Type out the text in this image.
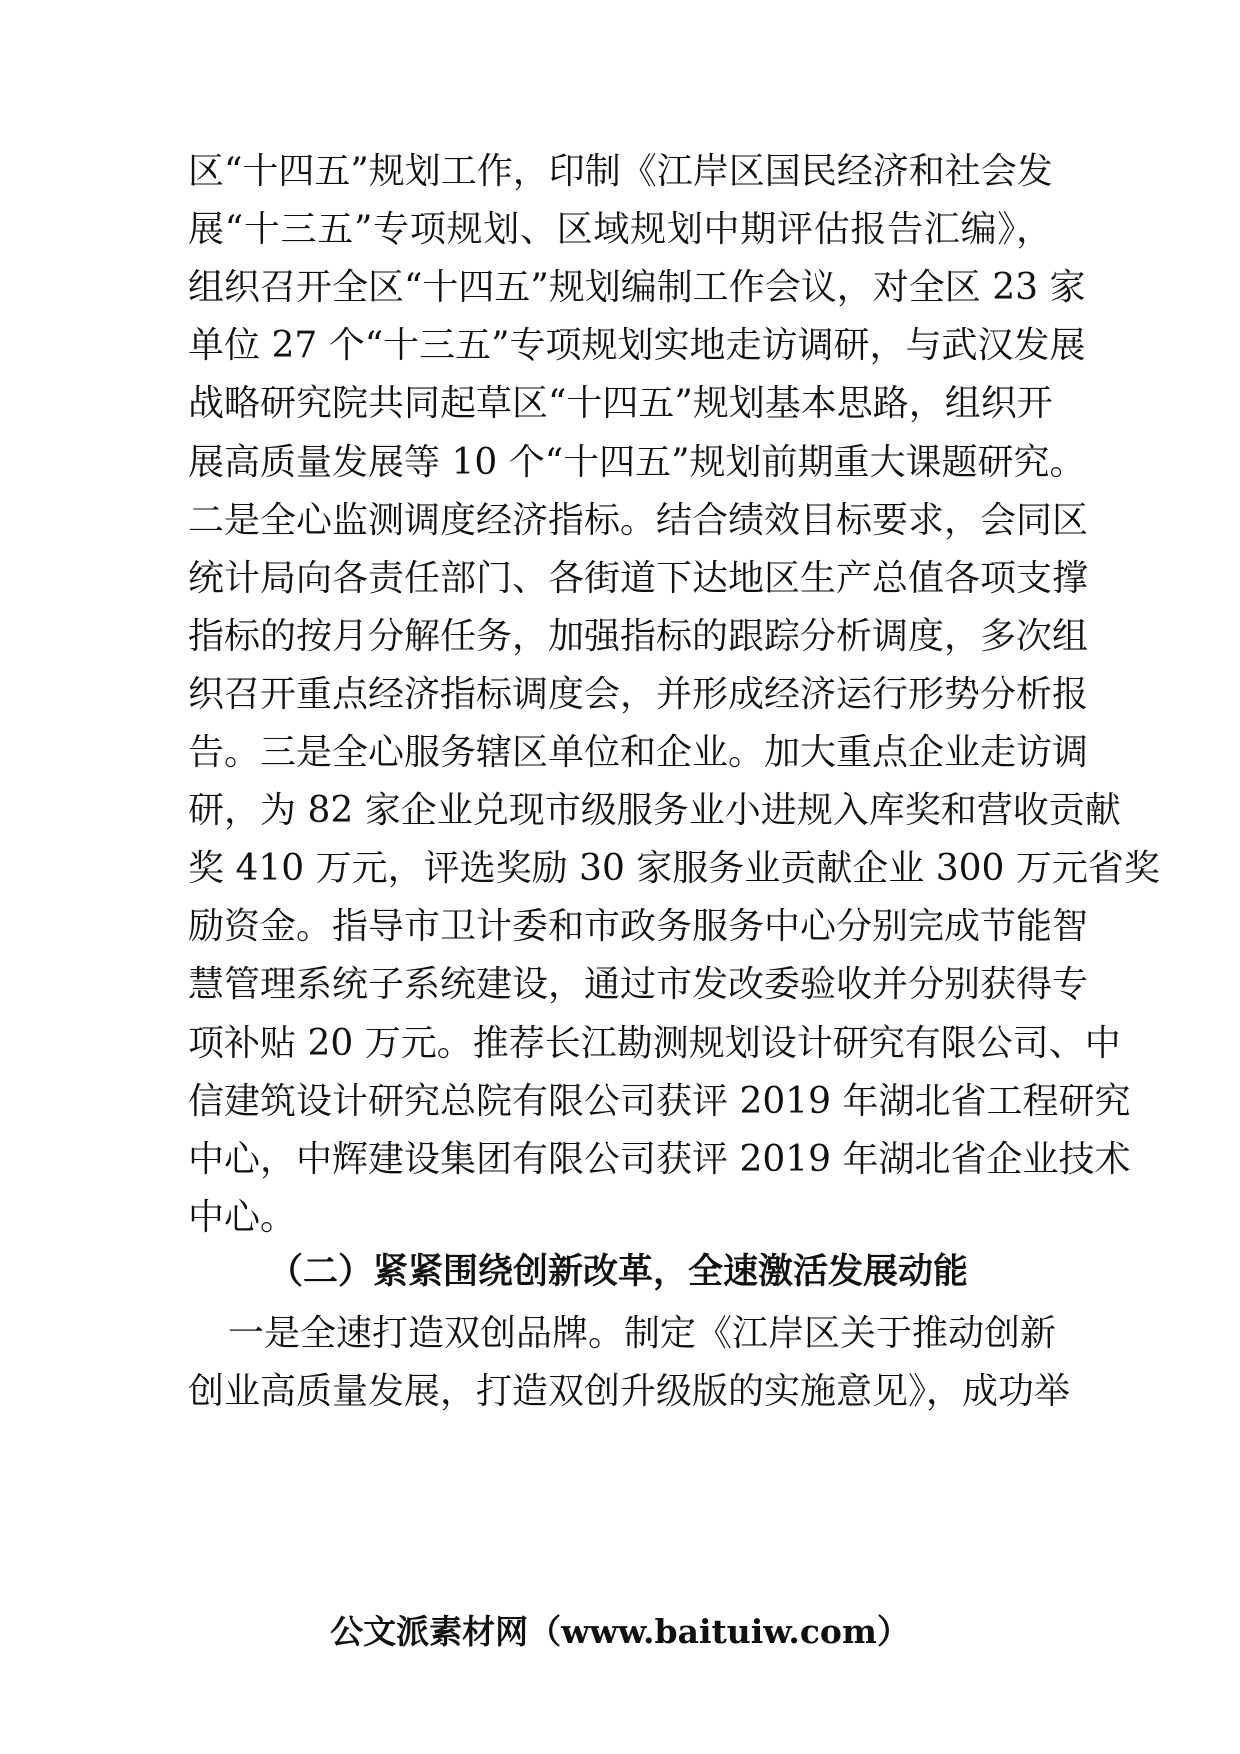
区“十四五”规划工作，印制《江岸区国民经济和社会发
展“十三五”专项规划、区域规划中期评估报告汇编》，
组织召开全区“十四五”规划编制工作会议，对全区 23 家
单位 27 个“十三五”专项规划实地走访调研，与武汉发展
战略研究院共同起草区“十四五”规划基本思路，组织开
展高质量发展等 10 个“十四五”规划前期重大课题研究。
二是全心监测调度经济指标。结合绩效目标要求，会同区
统计局向各责任部门、各街道下达地区生产总值各项支撑
指标的按月分解任务，加强指标的跟踪分析调度，多次组
织召开重点经济指标调度会，并形成经济运行形势分析报
告。三是全心服务辖区单位和企业。加大重点企业走访调
研，为 82 家企业兑现市级服务业小进规入库奖和营收贡献
奖 410 万元，评选奖励 30 家服务业贡献企业 300 万元省奖
励资金。指导市卫计委和市政务服务中心分别完成节能智
慧管理系统子系统建设，通过市发改委验收并分别获得专
项补贴 20 万元。推荐长江勘测规划设计研究有限公司、中
信建筑设计研究总院有限公司获评 2019 年湖北省工程研究
中心，中辉建设集团有限公司获评 2019 年湖北省企业技术
中心。
（二）紧紧围绕创新改革，全速激活发展动能
一是全速打造双创品牌。制定《江岸区关于推动创新
创业高质量发展，打造双创升级版的实施意见》，成功举
公文派素材网（www.baituiw.com）
